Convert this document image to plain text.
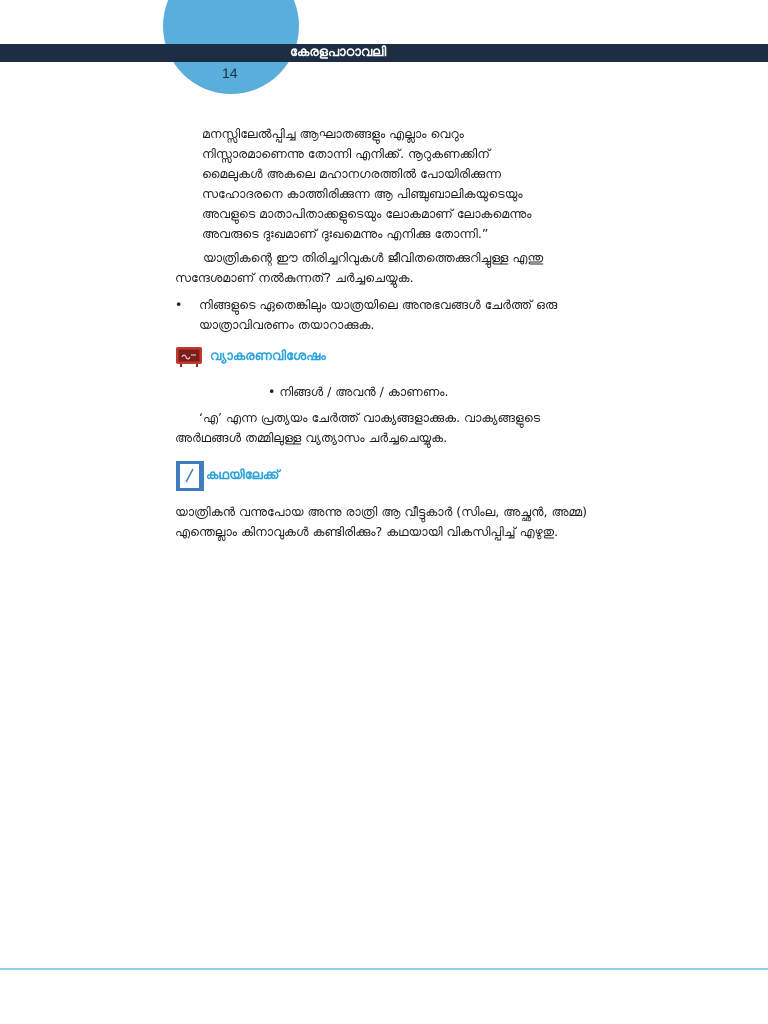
കേരളപാഠാവലി
14
മനസ്സിലേൽപ്പിച്ച ആഘാതങ്ങളും എല്ലാം വെറും
നിസ്സാരമാണെന്നു തോന്നി എനിക്ക്. നൂറുകണക്കിന്
മൈലുകൾ അകലെ മഹാനഗരത്തിൽ പോയിരിക്കുന്ന
സഹോദരനെ കാത്തിരിക്കുന്ന ആ പിഞ്ചുബാലികയുടെയും
അവളുടെ മാതാപിതാക്കളുടെയും ലോകമാണ് ലോകമെന്നും
അവരുടെ ദുഃഖമാണ് ദുഃഖമെന്നും എനിക്കു തോന്നി.”

യാത്രികന്റെ ഈ തിരിച്ചറിവുകൾ ജീവിതത്തെക്കുറിച്ചുള്ള എന്തു സന്ദേശമാണ് നൽകുന്നത്? ചർച്ചചെയ്യുക.

•	നിങ്ങളുടെ ഏതെങ്കിലും യാത്രയിലെ അനുഭവങ്ങൾ ചേർത്ത് ഒരു യാത്രാവിവരണം തയാറാക്കുക.
വ്യാകരണവിശേഷം
• നിങ്ങൾ / അവൻ / കാണണം.

‘എ’ എന്ന പ്രത്യയം ചേർത്ത് വാക്യങ്ങളാക്കുക. വാക്യങ്ങളുടെ അർഥങ്ങൾ തമ്മിലുള്ള വ്യത്യാസം ചർച്ചചെയ്യുക.

കഥയിലേക്ക്

യാത്രികൻ വന്നുപോയ അന്നു രാത്രി ആ വീട്ടുകാർ (സിംല, അച്ഛൻ, അമ്മ) എന്തെല്ലാം കിനാവുകൾ കണ്ടിരിക്കും? കഥയായി വികസിപ്പിച്ച് എഴുതു.
